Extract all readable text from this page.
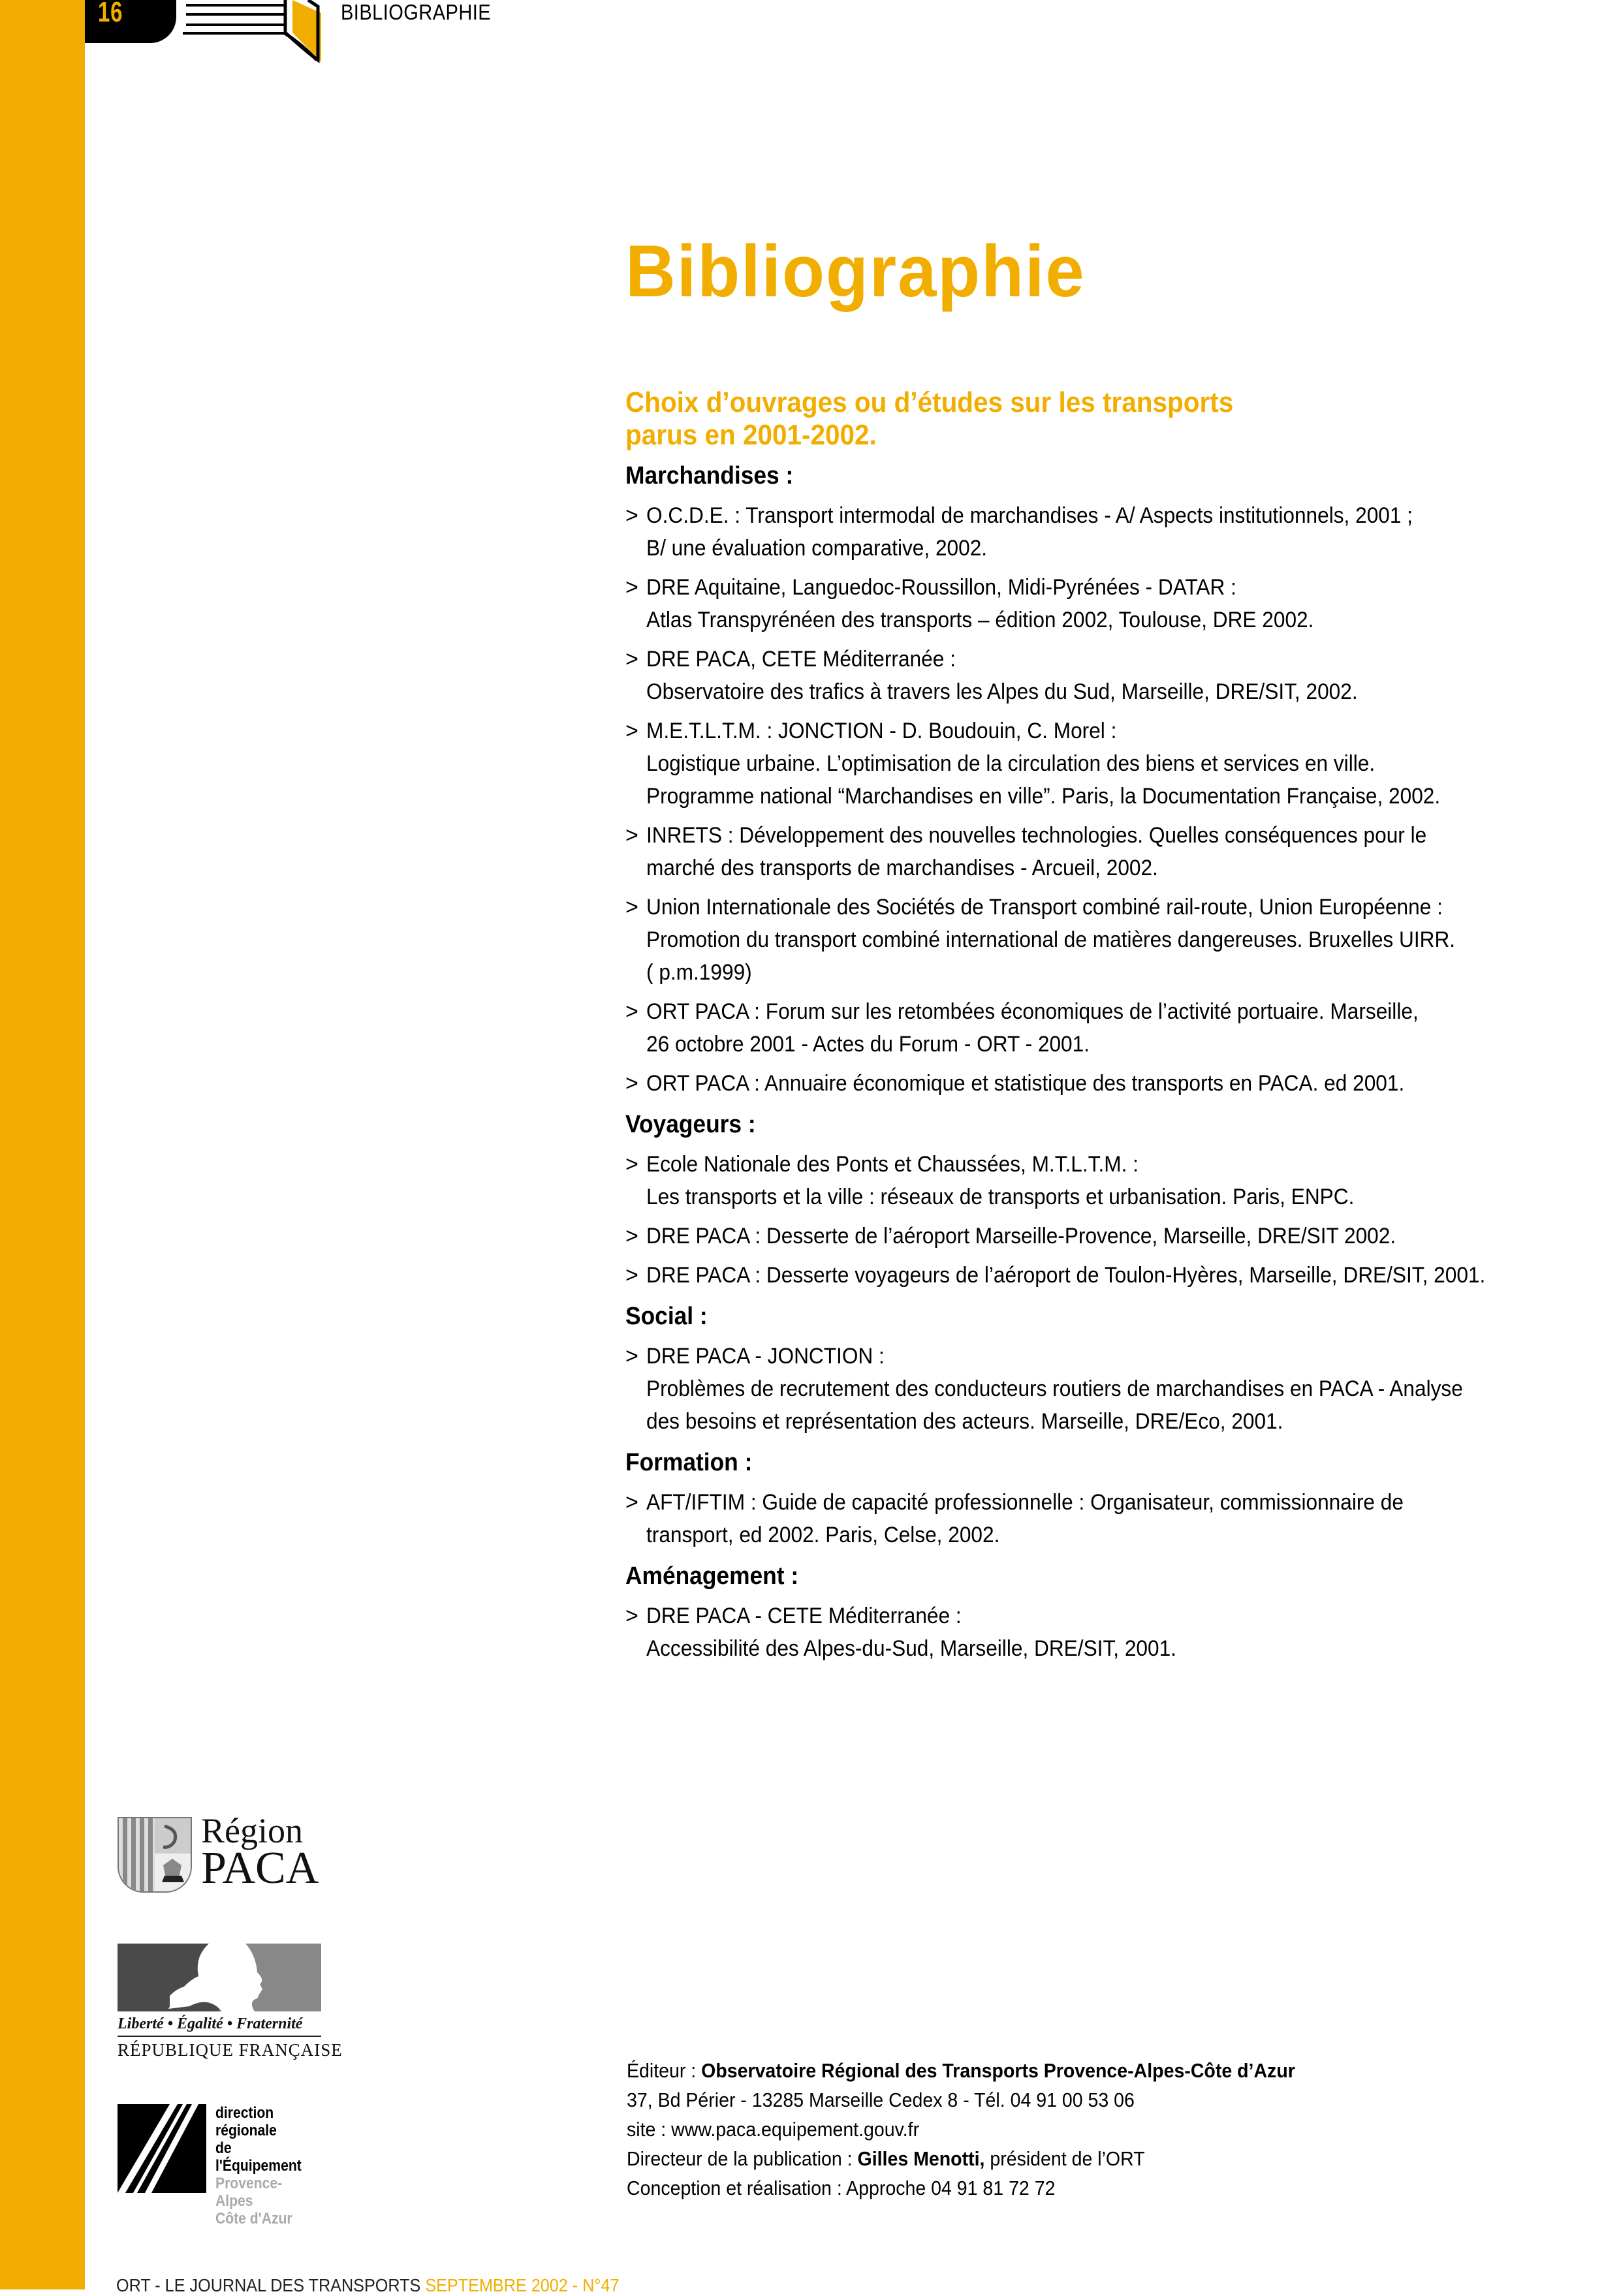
16	BIBLIOGRAPHIE
Bibliographie
Choix d’ouvrages ou d’études sur les transports
parus en 2001-2002.
Marchandises :
> O.C.D.E. : Transport intermodal de marchandises - A/ Aspects institutionnels, 2001 ;
B/ une évaluation comparative, 2002.
> DRE Aquitaine, Languedoc-Roussillon, Midi-Pyrénées - DATAR :
Atlas Transpyrénéen des transports – édition 2002, Toulouse, DRE 2002.
> DRE PACA, CETE Méditerranée :
Observatoire des trafics à travers les Alpes du Sud, Marseille, DRE/SIT, 2002.
> M.E.T.L.T.M. : JONCTION - D. Boudouin, C. Morel :
Logistique urbaine. L’optimisation de la circulation des biens et services en ville.
Programme national “Marchandises en ville”. Paris, la Documentation Française, 2002.
> INRETS : Développement des nouvelles technologies. Quelles conséquences pour le
marché des transports de marchandises - Arcueil, 2002.
> Union Internationale des Sociétés de Transport combiné rail-route, Union Européenne :
Promotion du transport combiné international de matières dangereuses. Bruxelles UIRR.
( p.m.1999)
> ORT PACA : Forum sur les retombées économiques de l’activité portuaire. Marseille,
26 octobre 2001 - Actes du Forum - ORT - 2001.
> ORT PACA : Annuaire économique et statistique des transports en PACA. ed 2001.
Voyageurs :
> Ecole Nationale des Ponts et Chaussées, M.T.L.T.M. :
Les transports et la ville : réseaux de transports et urbanisation. Paris, ENPC.
> DRE PACA : Desserte de l’aéroport Marseille-Provence, Marseille, DRE/SIT 2002.
> DRE PACA : Desserte voyageurs de l’aéroport de Toulon-Hyères, Marseille, DRE/SIT, 2001.
Social :
> DRE PACA - JONCTION :
Problèmes de recrutement des conducteurs routiers de marchandises en PACA - Analyse
des besoins et représentation des acteurs. Marseille, DRE/Eco, 2001.
Formation :
> AFT/IFTIM : Guide de capacité professionnelle : Organisateur, commissionnaire de
transport, ed 2002. Paris, Celse, 2002.
Aménagement :
> DRE PACA - CETE Méditerranée :
Accessibilité des Alpes-du-Sud, Marseille, DRE/SIT, 2001.
Région
PACA
Liberté • Égalité • Fraternité
RÉPUBLIQUE FRANÇAISE
direction
régionale
de l'Équipement
Provence-Alpes
Côte d'Azur
Éditeur : Observatoire Régional des Transports Provence-Alpes-Côte d’Azur
37, Bd Périer - 13285 Marseille Cedex 8 - Tél. 04 91 00 53 06
site : www.paca.equipement.gouv.fr
Directeur de la publication : Gilles Menotti, président de l’ORT
Conception et réalisation : Approche 04 91 81 72 72
ORT - LE JOURNAL DES TRANSPORTS SEPTEMBRE 2002 - N°47
